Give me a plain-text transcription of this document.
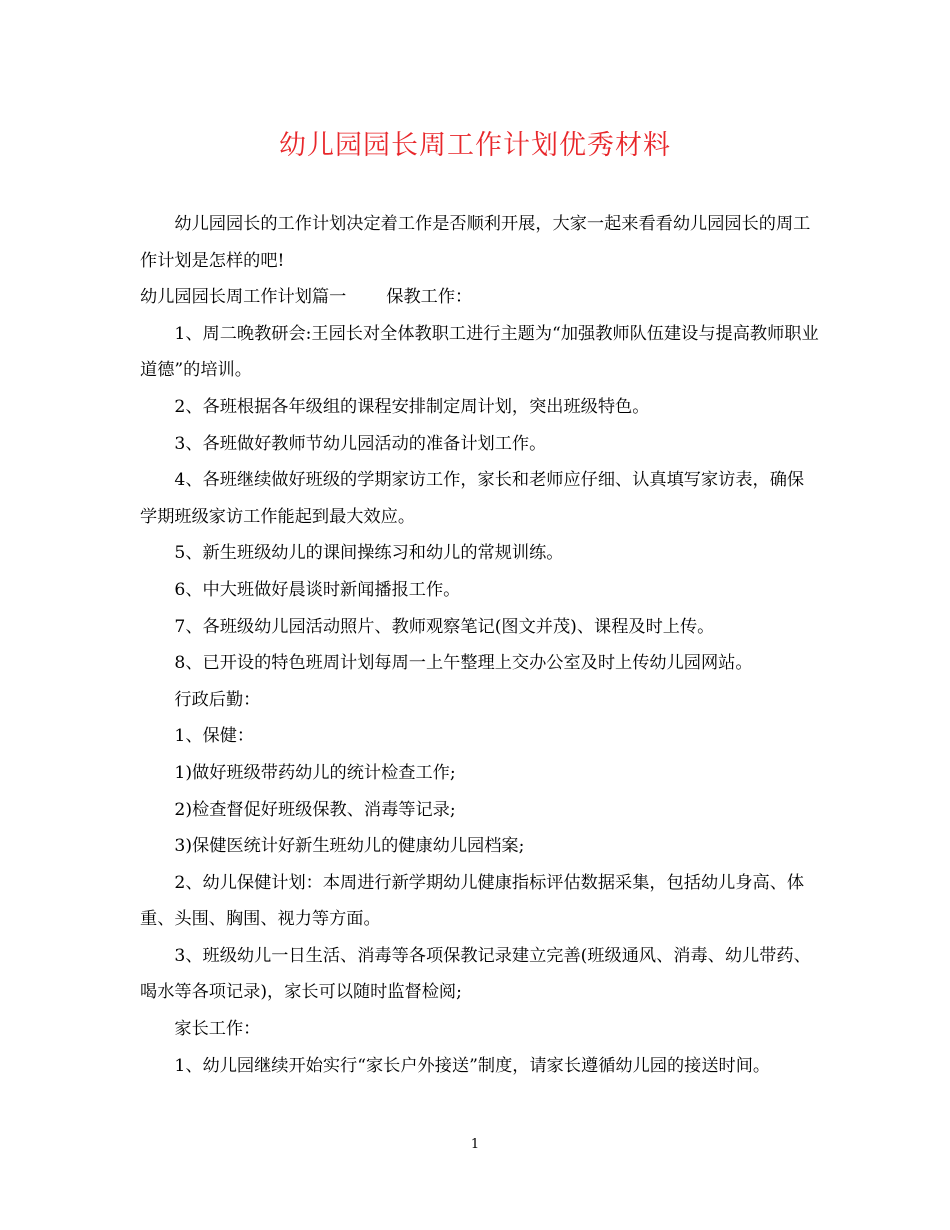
幼儿园园长周工作计划优秀材料

幼儿园园长的工作计划决定着工作是否顺利开展，大家一起来看看幼儿园园长的周工作计划是怎样的吧!

幼儿园园长周工作计划篇一 保教工作：

1、周二晚教研会:王园长对全体教职工进行主题为“加强教师队伍建设与提高教师职业道德”的培训。

2、各班根据各年级组的课程安排制定周计划，突出班级特色。

3、各班做好教师节幼儿园活动的准备计划工作。

4、各班继续做好班级的学期家访工作，家长和老师应仔细、认真填写家访表，确保学期班级家访工作能起到最大效应。

5、新生班级幼儿的课间操练习和幼儿的常规训练。

6、中大班做好晨谈时新闻播报工作。

7、各班级幼儿园活动照片、教师观察笔记(图文并茂)、课程及时上传。

8、已开设的特色班周计划每周一上午整理上交办公室及时上传幼儿园网站。

行政后勤：

1、保健：

1)做好班级带药幼儿的统计检查工作;

2)检查督促好班级保教、消毒等记录;

3)保健医统计好新生班幼儿的健康幼儿园档案;

2、幼儿保健计划：本周进行新学期幼儿健康指标评估数据采集，包括幼儿身高、体重、头围、胸围、视力等方面。

3、班级幼儿一日生活、消毒等各项保教记录建立完善(班级通风、消毒、幼儿带药、喝水等各项记录)，家长可以随时监督检阅;

家长工作：

1、幼儿园继续开始实行“家长户外接送”制度，请家长遵循幼儿园的接送时间。

1
